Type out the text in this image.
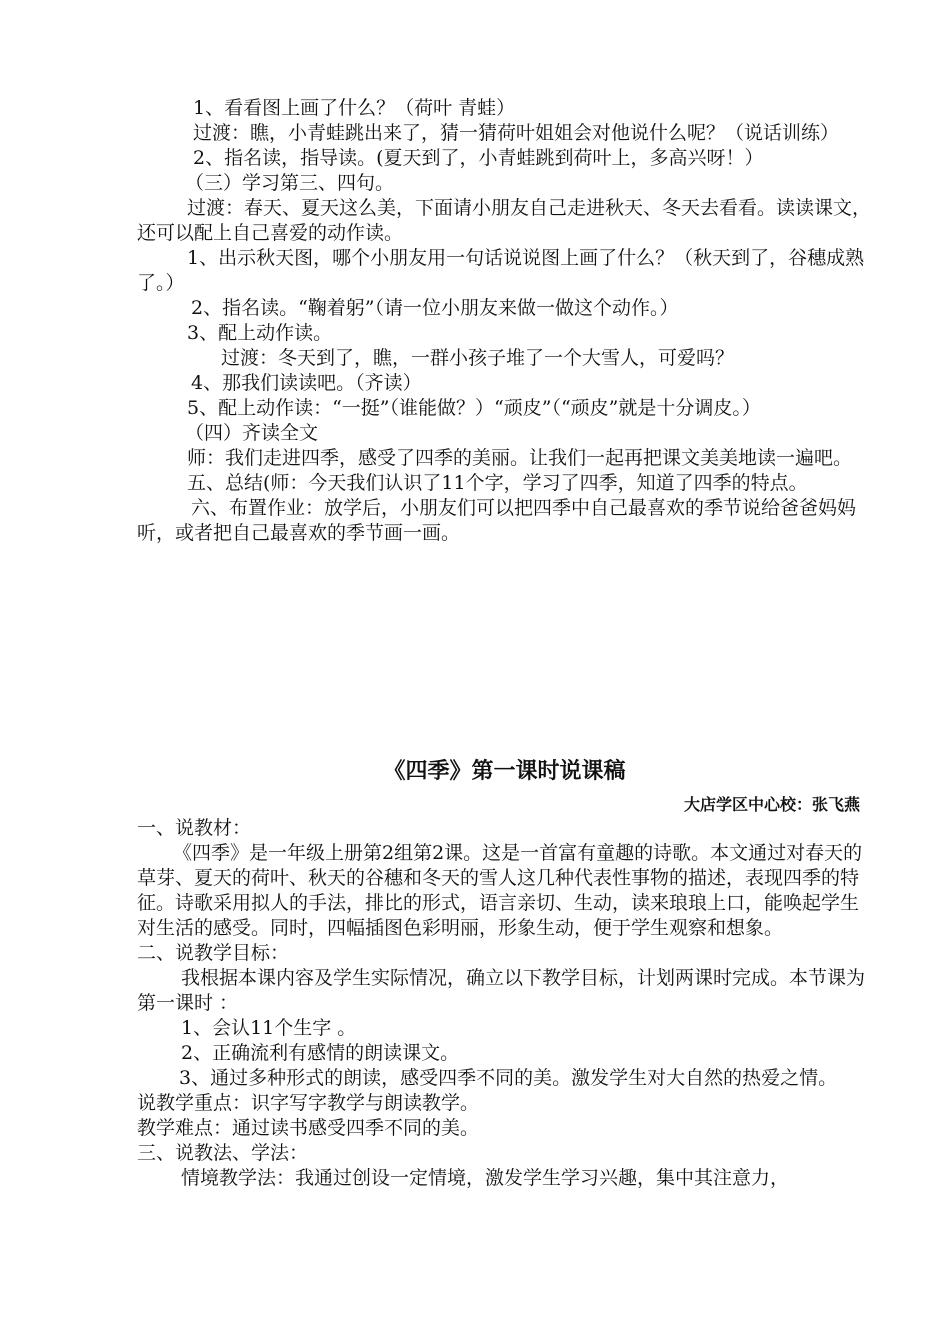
1、看看图上画了什么？（荷叶 青蛙）

过渡：瞧，小青蛙跳出来了，猜一猜荷叶姐姐会对他说什么呢？（说话训练）

2、指名读，指导读。(夏天到了，小青蛙跳到荷叶上，多高兴呀！）

（三）学习第三、四句。

过渡：春天、夏天这么美，下面请小朋友自己走进秋天、冬天去看看。读读课文，还可以配上自己喜爱的动作读。

1、出示秋天图，哪个小朋友用一句话说说图上画了什么？（秋天到了，谷穗成熟了。）

2、指名读。“鞠着躬”（请一位小朋友来做一做这个动作。）

3、配上动作读。

过渡：冬天到了，瞧，一群小孩子堆了一个大雪人，可爱吗？

4、那我们读读吧。（齐读）

5、配上动作读：“一挺”（谁能做？）“顽皮”（“顽皮”就是十分调皮。）

（四）齐读全文

师：我们走进四季，感受了四季的美丽。让我们一起再把课文美美地读一遍吧。

五、总结(师：今天我们认识了11个字，学习了四季，知道了四季的特点。

六、布置作业：放学后，小朋友们可以把四季中自己最喜欢的季节说给爸爸妈妈听，或者把自己最喜欢的季节画一画。

《四季》第一课时说课稿
大店学区中心校：张飞燕

一、说教材：

《四季》是一年级上册第2组第2课。这是一首富有童趣的诗歌。本文通过对春天的草芽、夏天的荷叶、秋天的谷穗和冬天的雪人这几种代表性事物的描述，表现四季的特征。诗歌采用拟人的手法，排比的形式，语言亲切、生动，读来琅琅上口，能唤起学生对生活的感受。同时，四幅插图色彩明丽，形象生动，便于学生观察和想象。

二、说教学目标：

我根据本课内容及学生实际情况，确立以下教学目标，计划两课时完成。本节课为第一课时 ：

1、会认11个生字 。

2、正确流利有感情的朗读课文。

3、通过多种形式的朗读，感受四季不同的美。激发学生对大自然的热爱之情。

说教学重点：识字写字教学与朗读教学。

教学难点：通过读书感受四季不同的美。

三、说教法、学法：

情境教学法：我通过创设一定情境，激发学生学习兴趣，集中其注意力，
